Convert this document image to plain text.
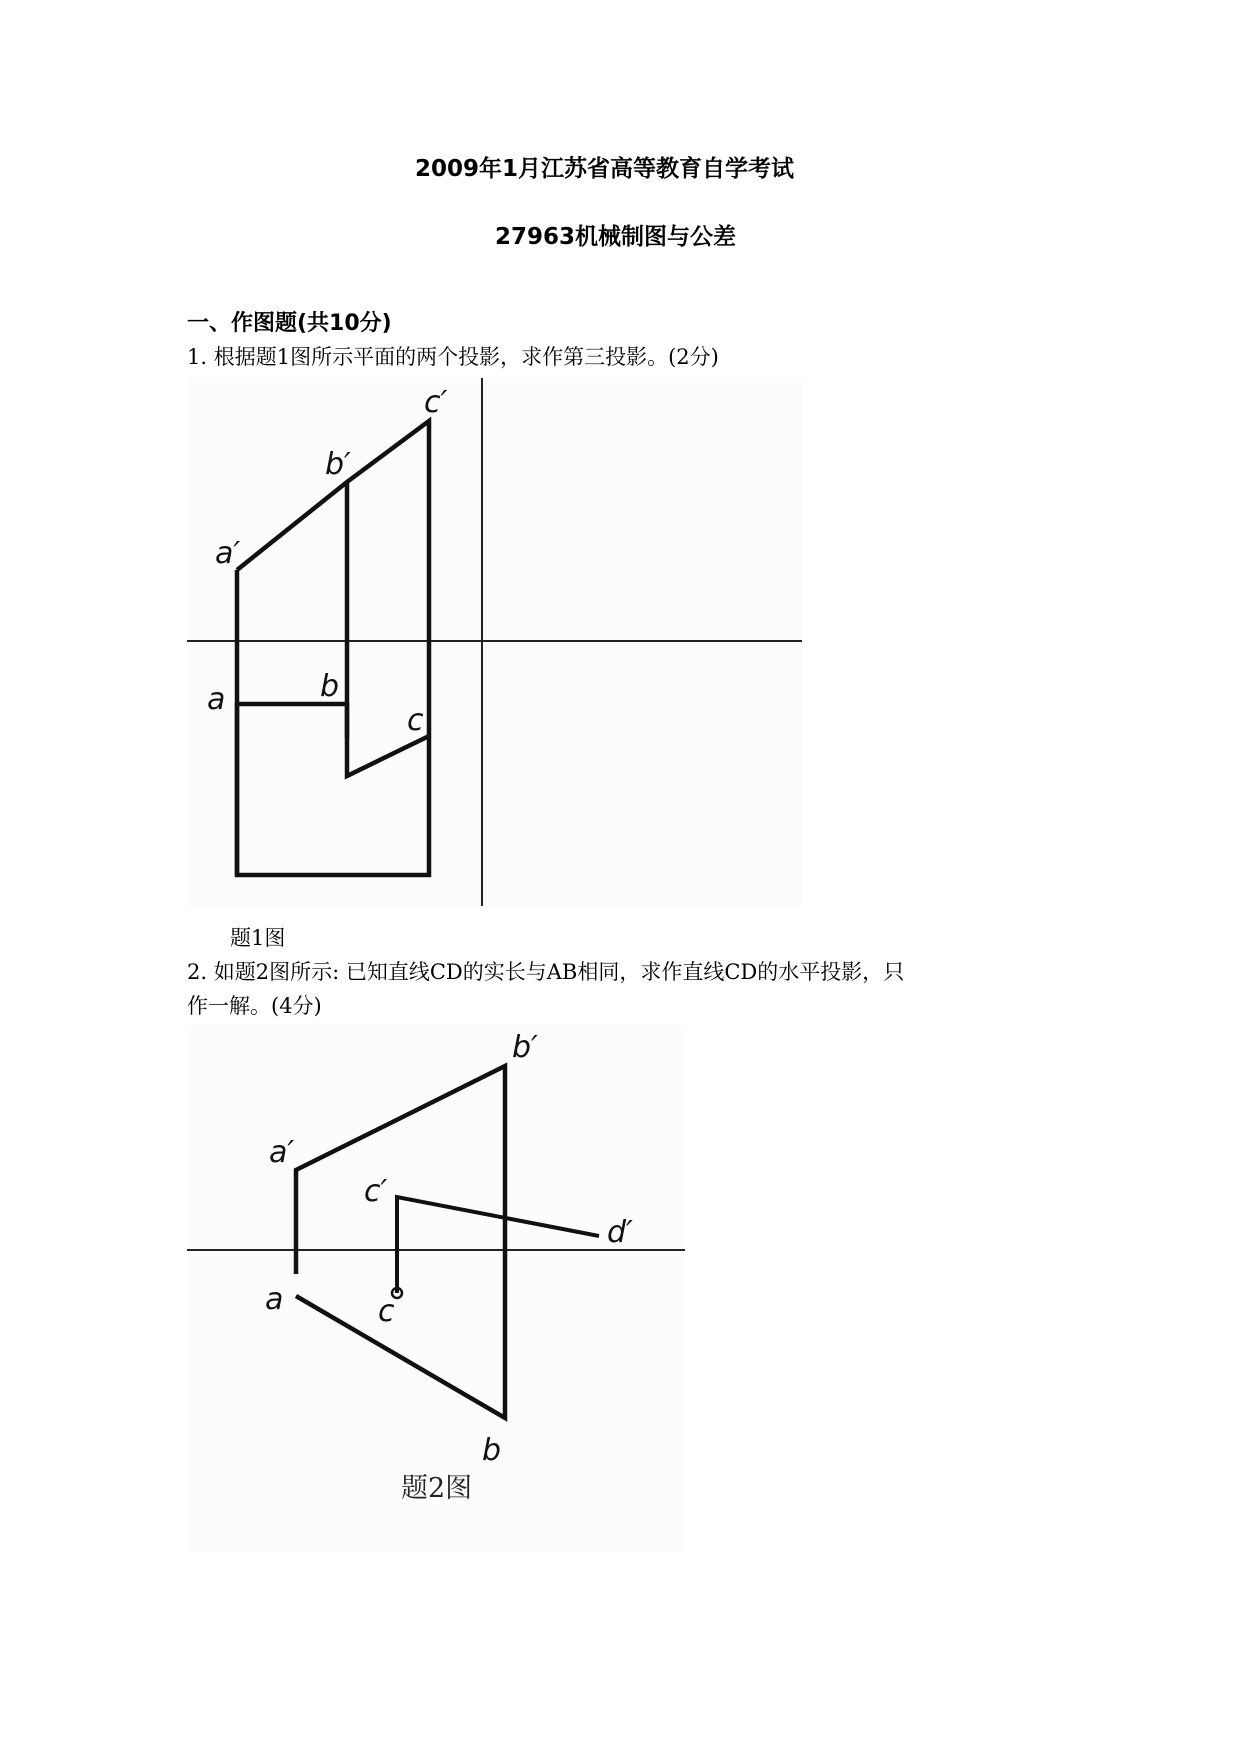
2009年1月江苏省高等教育自学考试
27963机械制图与公差
一、作图题(共10分)
1. 根据题1图所示平面的两个投影，求作第三投影。(2分)
c′
b′
a′
a	b
c
题1图
2. 如题2图所示: 已知直线CD的实长与AB相同，求作直线CD的水平投影，只
作一解。(4分)
b′
a′
c′
d′
a	c
b
题2图
